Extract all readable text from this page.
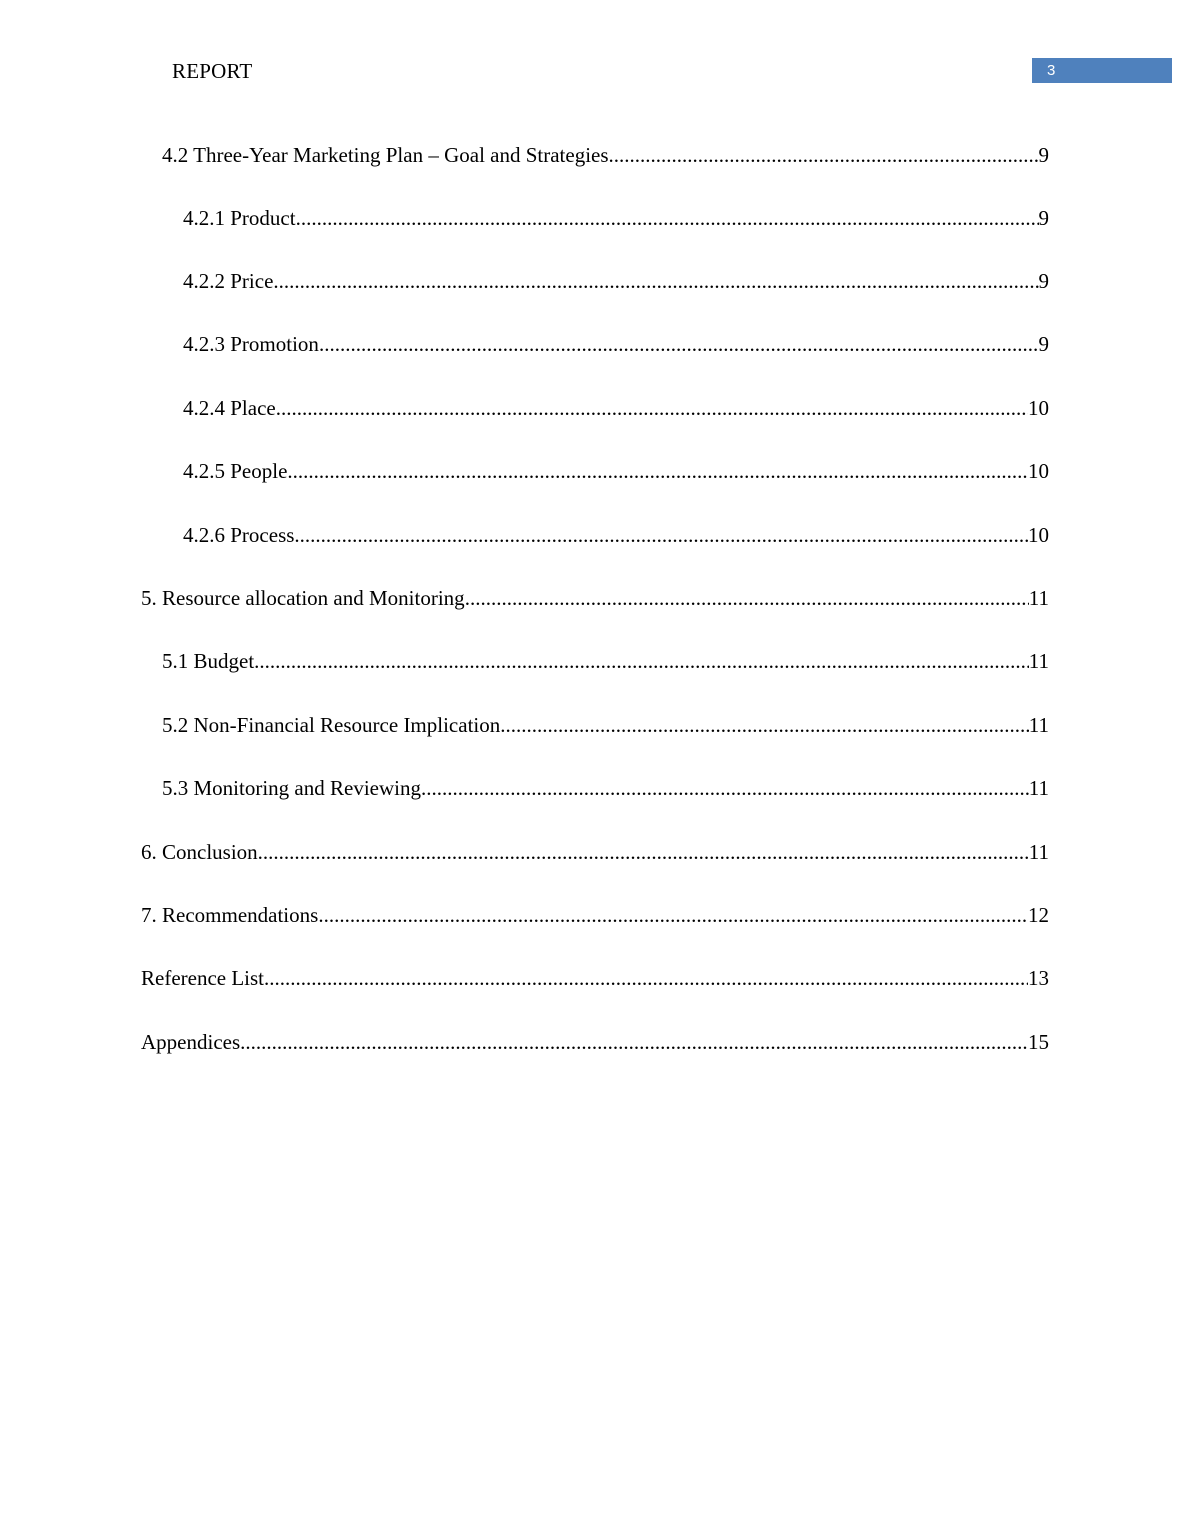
REPORT	3
4.2 Three-Year Marketing Plan – Goal and Strategies .....	9
4.2.1 Product .....	9
4.2.2 Price .....	9
4.2.3 Promotion .....	9
4.2.4 Place .....	10
4.2.5 People .....	10
4.2.6 Process .....	10
5. Resource allocation and Monitoring .....	11
5.1 Budget .....	11
5.2 Non-Financial Resource Implication .....	11
5.3 Monitoring and Reviewing .....	11
6. Conclusion .....	11
7. Recommendations .....	12
Reference List .....	13
Appendices .....	15
